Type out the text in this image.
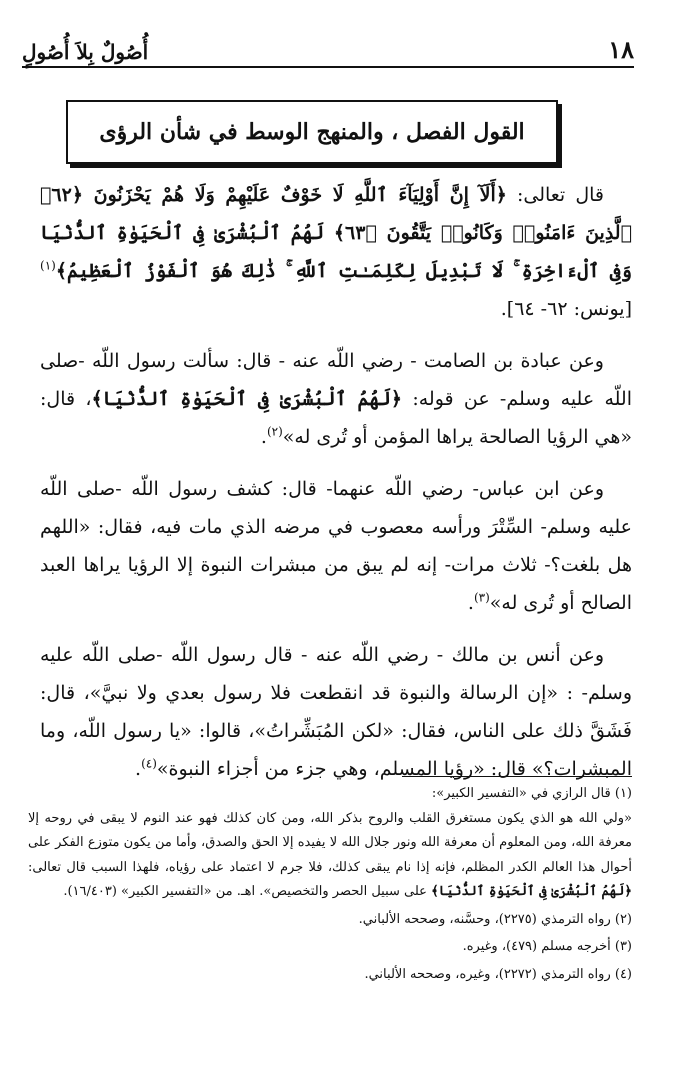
١٨
أُصُولٌ بِلاَ أُصُولٍ
القول الفصل ، والمنهج الوسط في شأن الرؤى

قال تعالى: ﴿أَلَآ إِنَّ أَوْلِيَآءَ ٱللَّهِ لَا خَوْفٌ عَلَيْهِمْ وَلَا هُمْ يَحْزَنُونَ ﴿٦٢﴾ ٱلَّذِينَ ءَامَنُوا۟ وَكَانُوا۟ يَتَّقُونَ ﴿٦٣﴾ لَهُمُ ٱلْبُشْرَىٰ فِى ٱلْحَيَوٰةِ ٱلدُّنْيَا وَفِى ٱلْءَاخِرَةِ ۚ لَا تَبْدِيلَ لِكَلِمَـٰتِ ٱللَّهِ ۚ ذَٰلِكَ هُوَ ٱلْفَوْزُ ٱلْعَظِيمُ﴾$^{(١)}$ [يونس: ٦٢- ٦٤].

وعن عبادة بن الصامت - رضي اللّه عنه - قال: سألت رسول اللّه -صلى اللّه عليه وسلم- عن قوله: ﴿لَهُمُ ٱلْبُشْرَىٰ فِى ٱلْحَيَوٰةِ ٱلدُّنْيَا﴾، قال: «هي الرؤيا الصالحة يراها المؤمن أو تُرى له»$^{(٢)}$.

وعن ابن عباس- رضي اللّه عنهما- قال: كشف رسول اللّه -صلى اللّه عليه وسلم- السِّتْرَ ورأسه معصوب في مرضه الذي مات فيه، فقال: «اللهم هل بلغت؟- ثلاث مرات- إنه لم يبق من مبشرات النبوة إلا الرؤيا يراها العبد الصالح أو تُرى له»$^{(٣)}$.

وعن أنس بن مالك - رضي اللّه عنه - قال رسول اللّه -صلى اللّه عليه وسلم- : «إن الرسالة والنبوة قد انقطعت فلا رسول بعدي ولا نبيَّ»، قال: فَشَقَّ ذلك على الناس، فقال: «لكن المُبَشِّراتُ»، قالوا: «يا رسول اللّه، وما المبشرات؟» قال: «رؤيا المسلم، وهي جزء من أجزاء النبوة»$^{(٤)}$.

(١) قال الرازي في «التفسير الكبير»:

«ولي الله هو الذي يكون مستغرق القلب والروح بذكر الله، ومن كان كذلك فهو عند النوم لا يبقى في روحه إلا معرفة الله، ومن المعلوم أن معرفة الله ونور جلال الله لا يفيده إلا الحق والصدق، وأما من يكون متوزع الفكر على أحوال هذا العالم الكدر المظلم، فإنه إذا نام يبقى كذلك، فلا جرم لا اعتماد على رؤياه، فلهذا السبب قال تعالى: ﴿لَهُمُ ٱلْبُشْرَىٰ فِى ٱلْحَيَوٰةِ ٱلدُّنْيَا﴾ على سبيل الحصر والتخصيص». اهـ. من «التفسير الكبير» (١٦/٤٠٣).

(٢) رواه الترمذي (٢٢٧٥)، وحسَّنه، وصححه الألباني.

(٣) أخرجه مسلم (٤٧٩)، وغيره.

(٤) رواه الترمذي (٢٢٧٢)، وغيره، وصححه الألباني.
